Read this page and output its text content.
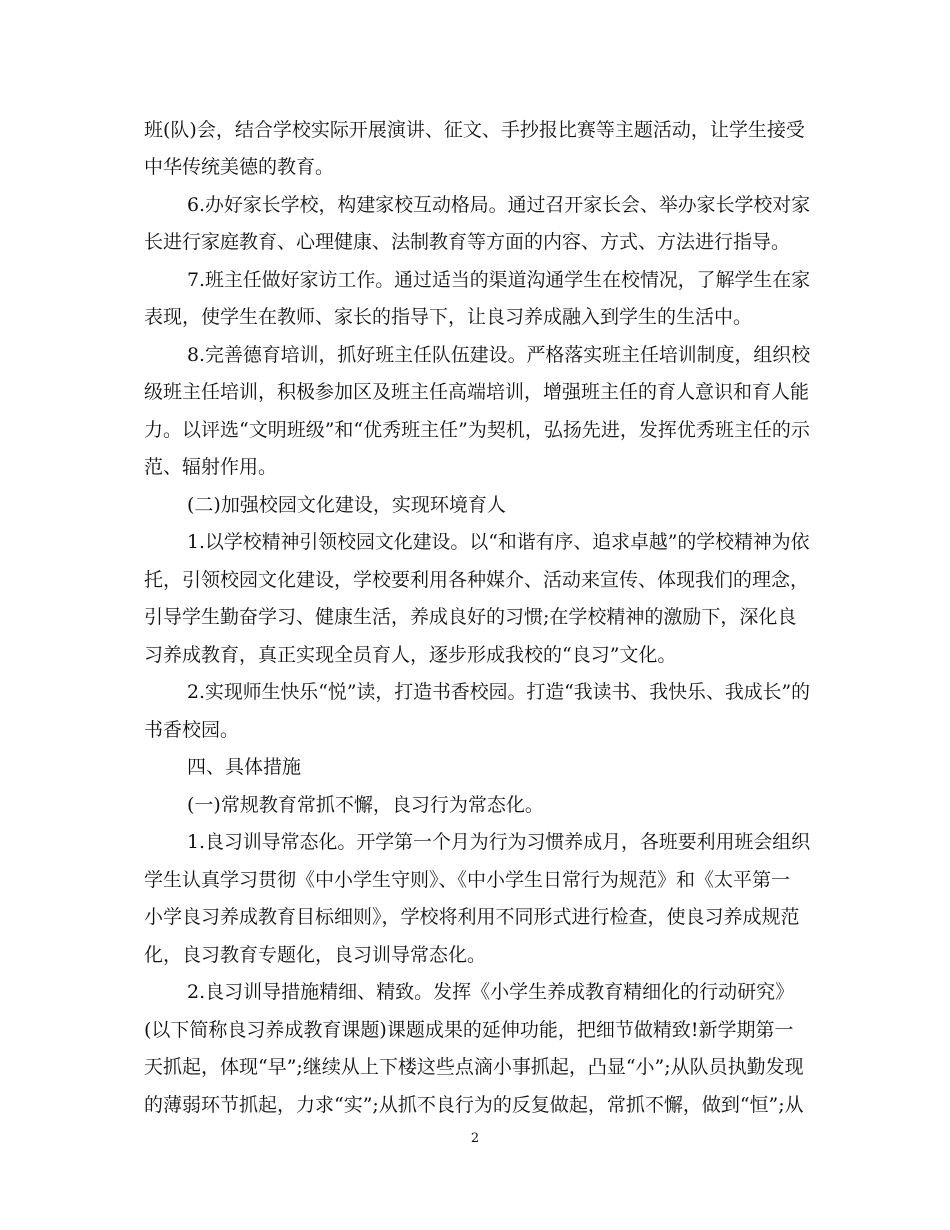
班(队)会，结合学校实际开展演讲、征文、手抄报比赛等主题活动，让学生接受
中华传统美德的教育。
6.办好家长学校，构建家校互动格局。通过召开家长会、举办家长学校对家
长进行家庭教育、心理健康、法制教育等方面的内容、方式、方法进行指导。
7.班主任做好家访工作。通过适当的渠道沟通学生在校情况，了解学生在家
表现，使学生在教师、家长的指导下，让良习养成融入到学生的生活中。
8.完善德育培训，抓好班主任队伍建设。严格落实班主任培训制度，组织校
级班主任培训，积极参加区及班主任高端培训，增强班主任的育人意识和育人能
力。以评选“文明班级”和“优秀班主任”为契机，弘扬先进，发挥优秀班主任的示
范、辐射作用。
(二)加强校园文化建设，实现环境育人
1.以学校精神引领校园文化建设。以“和谐有序、追求卓越”的学校精神为依
托，引领校园文化建设，学校要利用各种媒介、活动来宣传、体现我们的理念，
引导学生勤奋学习、健康生活，养成良好的习惯;在学校精神的激励下，深化良
习养成教育，真正实现全员育人，逐步形成我校的“良习”文化。
2.实现师生快乐“悦”读，打造书香校园。打造“我读书、我快乐、我成长”的
书香校园。
四、具体措施
(一)常规教育常抓不懈，良习行为常态化。
1.良习训导常态化。开学第一个月为行为习惯养成月，各班要利用班会组织
学生认真学习贯彻《中小学生守则》、《中小学生日常行为规范》和《太平第一
小学良习养成教育目标细则》，学校将利用不同形式进行检查，使良习养成规范
化，良习教育专题化，良习训导常态化。
2.良习训导措施精细、精致。发挥《小学生养成教育精细化的行动研究》
(以下简称良习养成教育课题)课题成果的延伸功能，把细节做精致!新学期第一
天抓起，体现“早”;继续从上下楼这些点滴小事抓起，凸显“小”;从队员执勤发现
的薄弱环节抓起，力求“实”;从抓不良行为的反复做起，常抓不懈，做到“恒”;从
2
